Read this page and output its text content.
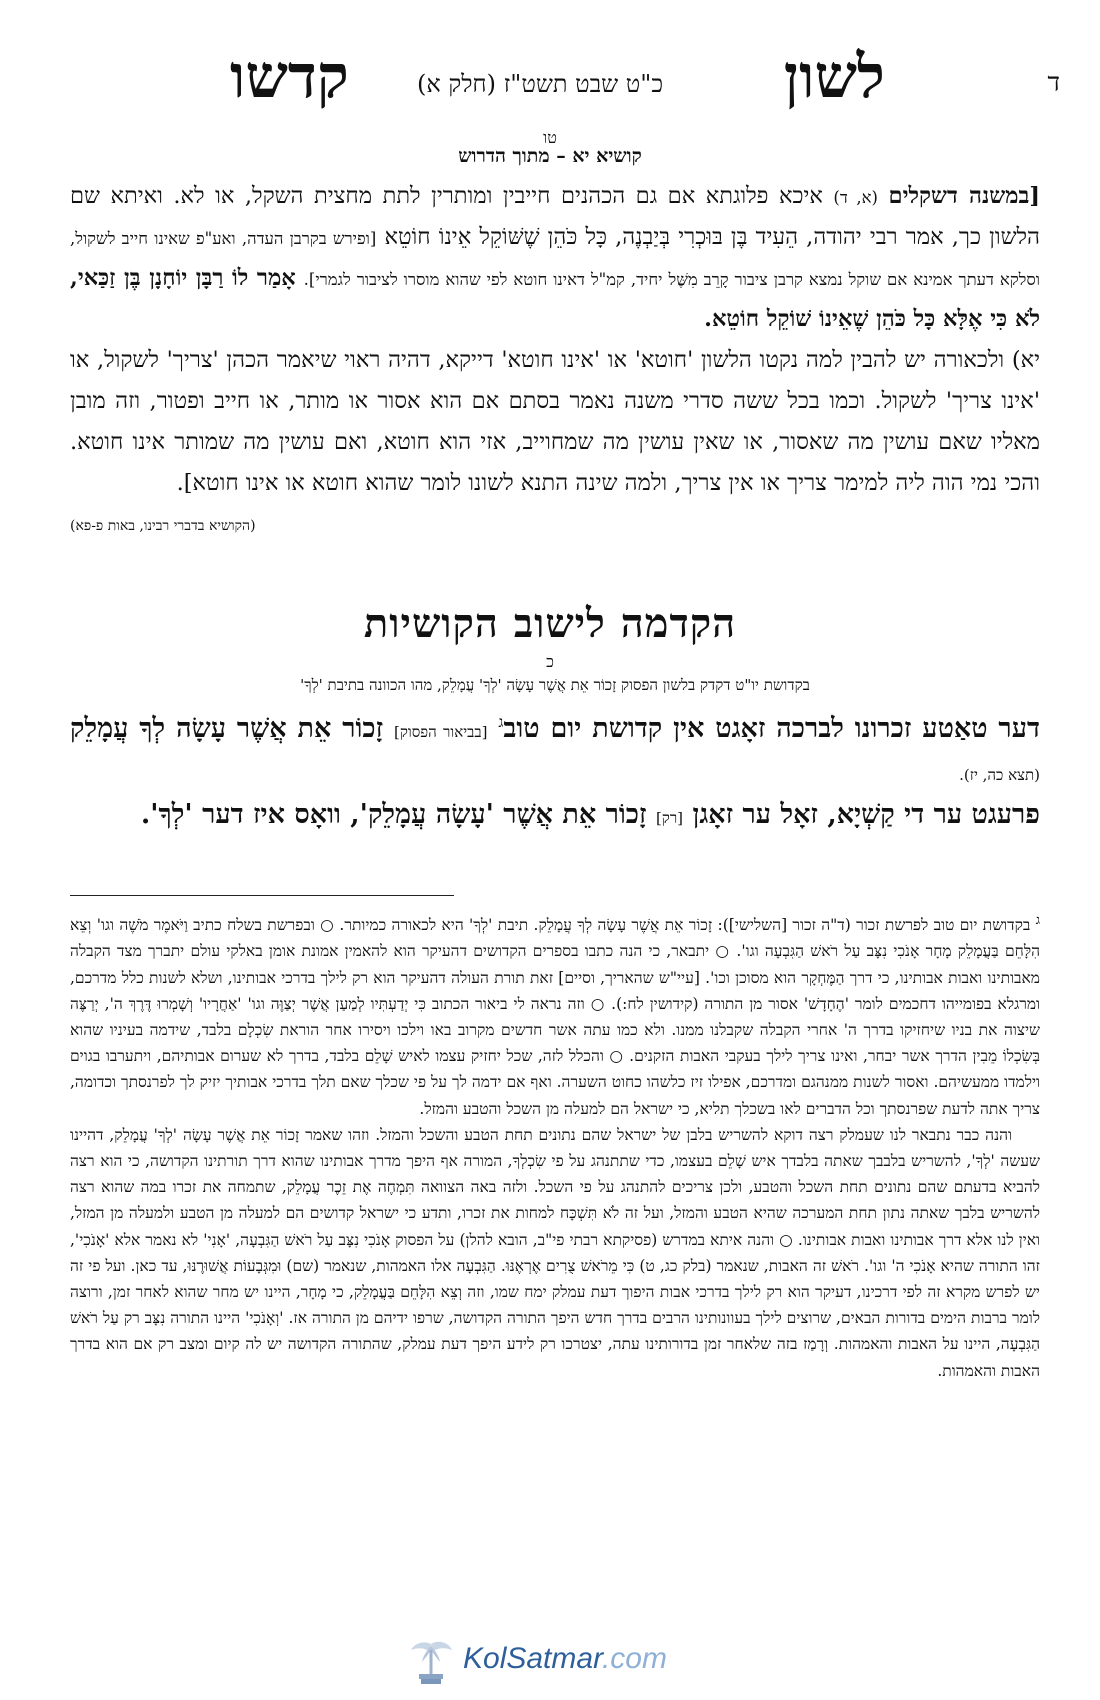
ד
לשון
כ"ט שבט תשט"ז (חלק א)
קדשו
טו
קושיא יא – מתוך הדרוש

[במשנה דשקלים (א, ד) איכא פלוגתא אם גם הכהנים חייבין ומותרין לתת מחצית השקל, או לא. ואיתא שם הלשון כך, אמר רבי יהודה, הֵעִיד בֶּן בּוּכְרִי בְּיַבְנֶה, כָּל כֹּהֵן שֶׁשּׁוֹקֵל אֵינוֹ חוֹטֵא [ופירש בקרבן העדה, ואע"פ שאינו חייב לשקול, וסלקא דעתך אמינא אם שוקל נמצא קרבן ציבור קָרֵב מִשֶּׁל יחיד, קמ"ל דאינו חוטא לפי שהוא מוסרו לציבור לגמרי]. אָמַר לוֹ רַבָּן יוֹחָנָן בֶּן זַכַּאי, לֹא כִּי אֶלָּא כָּל כֹּהֵן שֶׁאֵינוֹ שׁוֹקֵל חוֹטֵא.

יא) ולכאורה יש להבין למה נקטו הלשון 'חוטא' או 'אינו חוטא' דייקא, דהיה ראוי שיאמר הכהן 'צריך' לשקול, או 'אינו צריך' לשקול. וכמו בכל ששה סדרי משנה נאמר בסתם אם הוא אסור או מותר, או חייב ופטור, וזה מובן מאליו שאם עושין מה שאסור, או שאין עושין מה שמחוייב, אזי הוא חוטא, ואם עושין מה שמותר אינו חוטא. והכי נמי הוה ליה למימר צריך או אין צריך, ולמה שינה התנא לשונו לומר שהוא חוטא או אינו חוטא].
(הקושיא בדברי רבינו, באות פ-פא)

הקדמה לישוב הקושיות
כ
בקדושת יו"ט דקדק בלשון הפסוק זָכוֹר אֵת אֲשֶׁר עָשָׂה 'לְךָ' עֲמָלֵק, מהו הכוונה בתיבת 'לְךָ'

דער טאַטע זכרונו לברכה זאָגט אין קדושת יום טוב$^ג$ [בביאור הפסוק] זָכוֹר אֵת אֲשֶׁר עָשָׂה לְךָ עֲמָלֵק (תצא כה, יז).

פרעגט ער די קַשְׁיָא, זאָל ער זאָגן [רק] זָכוֹר אֵת אֲשֶׁר 'עָשָׂה עֲמָלֵק', וואָס איז דער 'לְךָ'.

$^ג$ בקדושת יום טוב לפרשת זכור (ד"ה זכור [השלישי]): זָכוֹר אֵת אֲשֶׁר עָשָׂה לְךָ עֲמָלֵק. תיבת 'לְךָ' היא לכאורה כמיותר. ○ ובפרשת בשלח כתיב וַיֹּאמֶר מֹשֶׁה וגו' וְצֵא הִלָּחֵם בַּעֲמָלֵק מָחָר אָנֹכִי נִצָּב עַל רֹאשׁ הַגִּבְעָה וגו'. ○ יתבאר, כי הנה כתבו בספרים הקדושים דהעיקר הוא להאמין אמונת אומן באלקי עולם יתברך מצד הקבלה מאבותינו ואבות אבותינו, כי דרך הַמֶּחְקָר הוא מסוכן וכו'. [עיי"ש שהאריך, וסיים] זאת תורת העולה דהעיקר הוא רק לילך בדרכי אבותינו, ושלא לשנות כלל מדרכם, ומרגלא בפומייהו דחכמים לומר 'הֶחָדָשׁ' אסור מן התורה (קידושין לח:). ○ וזה נראה לי ביאור הכתוב כִּי יְדַעְתִּיו לְמַעַן אֲשֶׁר יְצַוֶּה וגו' 'אַחֲרָיו' וְשָׁמְרוּ דֶּרֶךְ ה', יְרַצֶּה שיצוה את בניו שיחזיקו בדרך ה' אחרי הקבלה שקבלנו ממנו. ולא כמו עתה אשר חדשים מקרוב באו וילכו ויסירו אחר הוראת שִׂכְלָם בלבד, שידמה בעיניו שהוא בְּשִׂכְלוֹ מֵבִין הדרך אשר יבחר, ואינו צריך לילך בעקבי האבות הזקנים. ○ והכלל לזה, שכל יחזיק עצמו לאיש שָׁלֵם בלבד, בדרך לא שערום אבותיהם, ויתערבו בגוים וילמדו ממעשיהם. ואסור לשנות ממנהגם ומדרכם, אפילו זיז כלשהו כחוט השערה. ואף אם ידמה לך על פי שכלך שאם תלך בדרכי אבותיך יזיק לך לפרנסתך וכדומה, צריך אתה לדעת שפרנסתך וכל הדברים לאו בשכלך תליא, כי ישראל הם למעלה מן השכל והטבע והמזל.

והנה כבר נתבאר לנו שעמלק רצה דוקא להשריש בלבן של ישראל שהם נתונים תחת הטבע והשכל והמזל. וזהו שאמר זָכוֹר אֵת אֲשֶׁר עָשָׂה 'לְךָ' עֲמָלֵק, דהיינו שעשה 'לְךָ', להשריש בלבבך שאתה בלבדך איש שָׁלֵם בעצמו, כדי שתתנהג על פי שִׂכְלְךָ, המורה אף היפך מדרך אבותינו שהוא דרך תורתינו הקדושה, כי הוא רצה להביא בדעתם שהם נתונים תחת השכל והטבע, ולכן צריכים להתנהג על פי השכל. ולזה באה הצוואה תִּמְחֶה אֶת זֵכֶר עֲמָלֵק, שתמחה את זכרו במה שהוא רצה להשריש בלבך שאתה נתון תחת המערכה שהיא הטבע והמזל, ועל זה לֹא תִּשְׁכָּח למחות את זכרו, ותדע כי ישראל קדושים הם למעלה מן הטבע ולמעלה מן המזל, ואין לנו אלא דרך אבותינו ואבות אבותינו. ○ והנה איתא במדרש (פסיקתא רבתי פי"ב, הובא להלן) על הפסוק אָנֹכִי נִצָּב עַל רֹאשׁ הַגִּבְעָה, 'אָנִי' לא נאמר אלא 'אָנֹכִי', זהו התורה שהיא אָנֹכִי ה' וגו'. רֹאשׁ זה האבות, שנאמר (בלק כג, ט) כִּי מֵרֹאשׁ צֻרִים אֶרְאֶנּוּ. הַגִּבְעָה אלו האמהות, שנאמר (שם) וּמִגְּבָעוֹת אֲשׁוּרֶנּוּ, עד כאן. ועל פי זה יש לפרש מקרא זה לפי דרכינו, דעיקר הוא רק לילך בדרכי אבות היפוך דעת עמלק ימח שמו, וזה וְצֵא הִלָּחֵם בַּעֲמָלֵק, כי מָחָר, היינו יש מחר שהוא לאחר זמן, ורוצה לומר ברבות הימים בדורות הבאים, שרוצים לילך בעוונותינו הרבים בדרך חדש היפך התורה הקדושה, שרפו ידיהם מן התורה אז. 'וְאָנֹכִי' היינו התורה נִצָּב רק עַל רֹאשׁ הַגִּבְעָה, היינו על האבות והאמהות. וְרָמַז בזה שלאחר זמן בדורותינו עתה, יצטרכו רק לידע היפך דעת עמלק, שהתורה הקדושה יש לה קיום ומצב רק אם הוא בדרך האבות והאמהות.

KolSatmar.com
